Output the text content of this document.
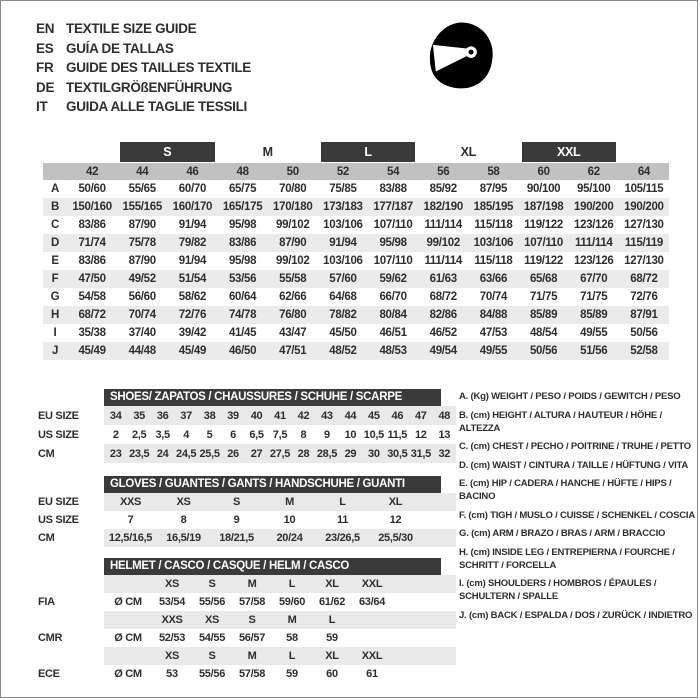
EN TEXTILE SIZE GUIDE
ES GUÍA DE TALLAS
FR GUIDE DES TAILLES TEXTILE
DE TEXTILGRÖßENFÜHRUNG
IT	GUIDA ALLE TAGLIE TESSILI
S	M	L	XL	XXL
42	44	46	48	50	52	54	56	58	60	62	64
A	50/60	55/65	60/70	65/75	70/80	75/85	83/88	85/92	87/95	90/100	95/100	105/115
B	150/160 155/165 160/170 165/175 170/180 173/183 177/187 182/190 185/195 187/198 190/200 190/200
C	83/86	87/90	91/94	95/98	99/102	103/106 107/110	111/114	115/118	119/122 123/126 127/130
D	71/74	75/78	79/82	83/86	87/90	91/94	95/98	99/102	103/106 107/110	111/114	115/119
E	83/86	87/90	91/94	95/98	99/102	103/106 107/110	111/114	115/118	119/122 123/126 127/130
F	47/50	49/52	51/54	53/56	55/58	57/60	59/62	61/63	63/66	65/68	67/70	68/72
G	54/58	56/60	58/62	60/64	62/66	64/68	66/70	68/72	70/74	71/75	71/75	72/76
H	68/72	70/74	72/76	74/78	76/80	78/82	80/84	82/86	84/88	85/89	85/89	87/91
I	35/38	37/40	39/42	41/45	43/47	45/50	46/51	46/52	47/53	48/54	49/55	50/56
J	45/49	44/48	45/49	46/50	47/51	48/52	48/53	49/54	49/55	50/56	51/56	52/58
SHOES/ ZAPATOS / CHAUSSURES / SCHUHE / SCARPE
EU SIZE	34	35	36	37	38	39	40	41	42	43	44	45	46	47	48
US SIZE	2	2,5 3,5	4	5	6	6,5 7,5	8	9	10 10,5 11,5 12	13
CM	23 23,5 24 24,5 25,5 26	27 27,5 28 28,5 29	30 30,5 31,5 32
GLOVES / GUANTES / GANTS / HANDSCHUHE / GUANTI
EU SIZE	XXS	XS	S	M	L	XL
US SIZE	7	8	9	10	11	12
CM	12,5/16,5	16,5/19	18/21,5	20/24	23/26,5	25,5/30
HELMET / CASCO / CASQUE / HELM / CASCO
XS	S	M	L	XL	XXL
FIA	Ø CM	53/54	55/56	57/58	59/60	61/62	63/64
XXS	XS	S	M	L
CMR	Ø CM	52/53	54/55	56/57	58	59
XS	S	M	L	XL	XXL
ECE	Ø CM	53	55/56	57/58	59	60	61
A. (Kg) WEIGHT / PESO / POIDS / GEWITCH / PESO
B. (cm) HEIGHT / ALTURA / HAUTEUR / HÖHE / ALTEZZA
C. (cm) CHEST / PECHO / POITRINE / TRUHE / PETTO
D. (cm) WAIST / CINTURA / TAILLE / HÜFTUNG / VITA
E. (cm) HIP / CADERA / HANCHE / HÜFTE / HIPS / BACINO
F. (cm) TIGH / MUSLO / CUISSE / SCHENKEL / COSCIA
G. (cm) ARM / BRAZO / BRAS / ARM / BRACCIO
H. (cm) INSIDE LEG / ENTREPIERNA / FOURCHE / SCHRITT / FORCELLA
I. (cm) SHOULDERS / HOMBROS / ÉPAULES / SCHULTERN / SPALLE
J. (cm) BACK / ESPALDA / DOS / ZURÜCK / INDIETRO
